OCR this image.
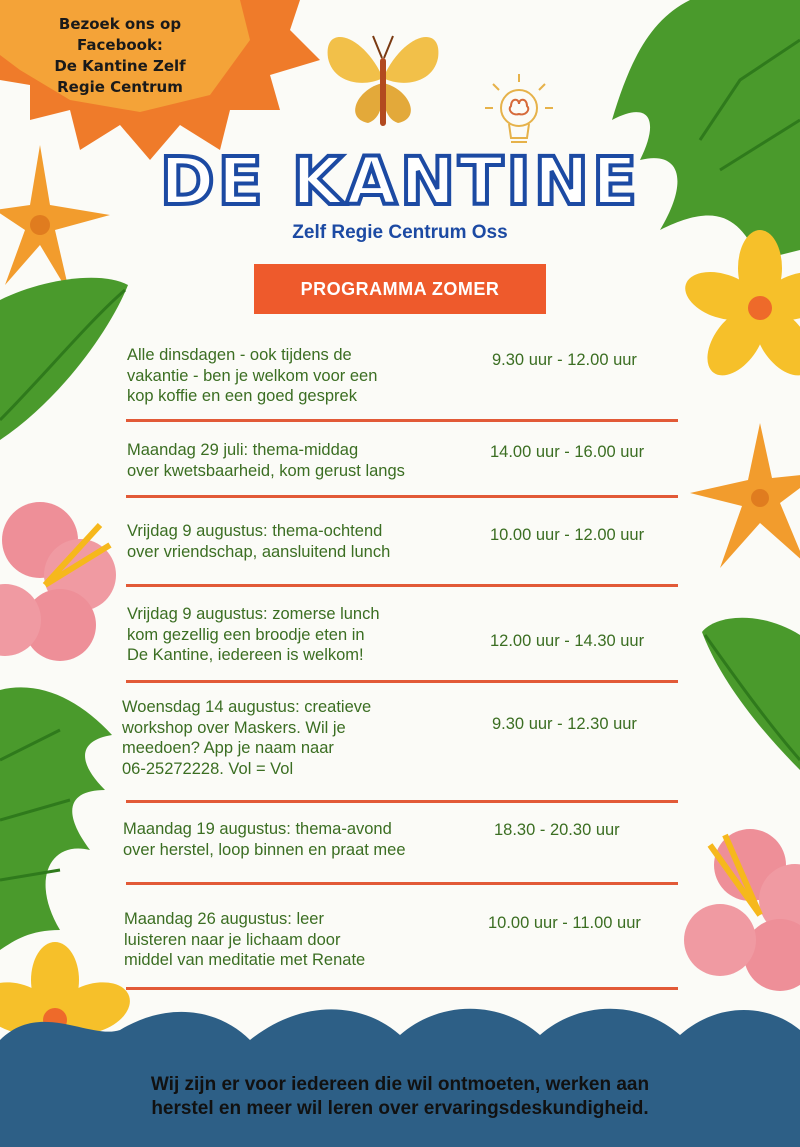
Bezoek ons op
Facebook:
De Kantine Zelf
Regie Centrum
DE KANTINE
Zelf Regie Centrum Oss
PROGRAMMA ZOMER
Alle dinsdagen - ook tijdens de
vakantie - ben je welkom voor een
kop koffie en een goed gesprek
9.30 uur - 12.00 uur
Maandag 29 juli: thema-middag
over kwetsbaarheid, kom gerust langs
14.00 uur - 16.00 uur
Vrijdag 9 augustus: thema-ochtend
over vriendschap, aansluitend lunch
10.00 uur - 12.00 uur
Vrijdag 9 augustus: zomerse lunch
kom gezellig een broodje eten in
De Kantine, iedereen is welkom!
12.00 uur - 14.30 uur
Woensdag 14 augustus: creatieve
workshop over Maskers. Wil je
meedoen? App je naam naar
06-25272228. Vol = Vol
9.30 uur - 12.30 uur
Maandag 19 augustus: thema-avond
over herstel, loop binnen en praat mee
18.30 - 20.30 uur
Maandag 26 augustus: leer
luisteren naar je lichaam door
middel van meditatie met Renate
10.00 uur - 11.00 uur
Wij zijn er voor iedereen die wil ontmoeten, werken aan
herstel en meer wil leren over ervaringsdeskundigheid.
